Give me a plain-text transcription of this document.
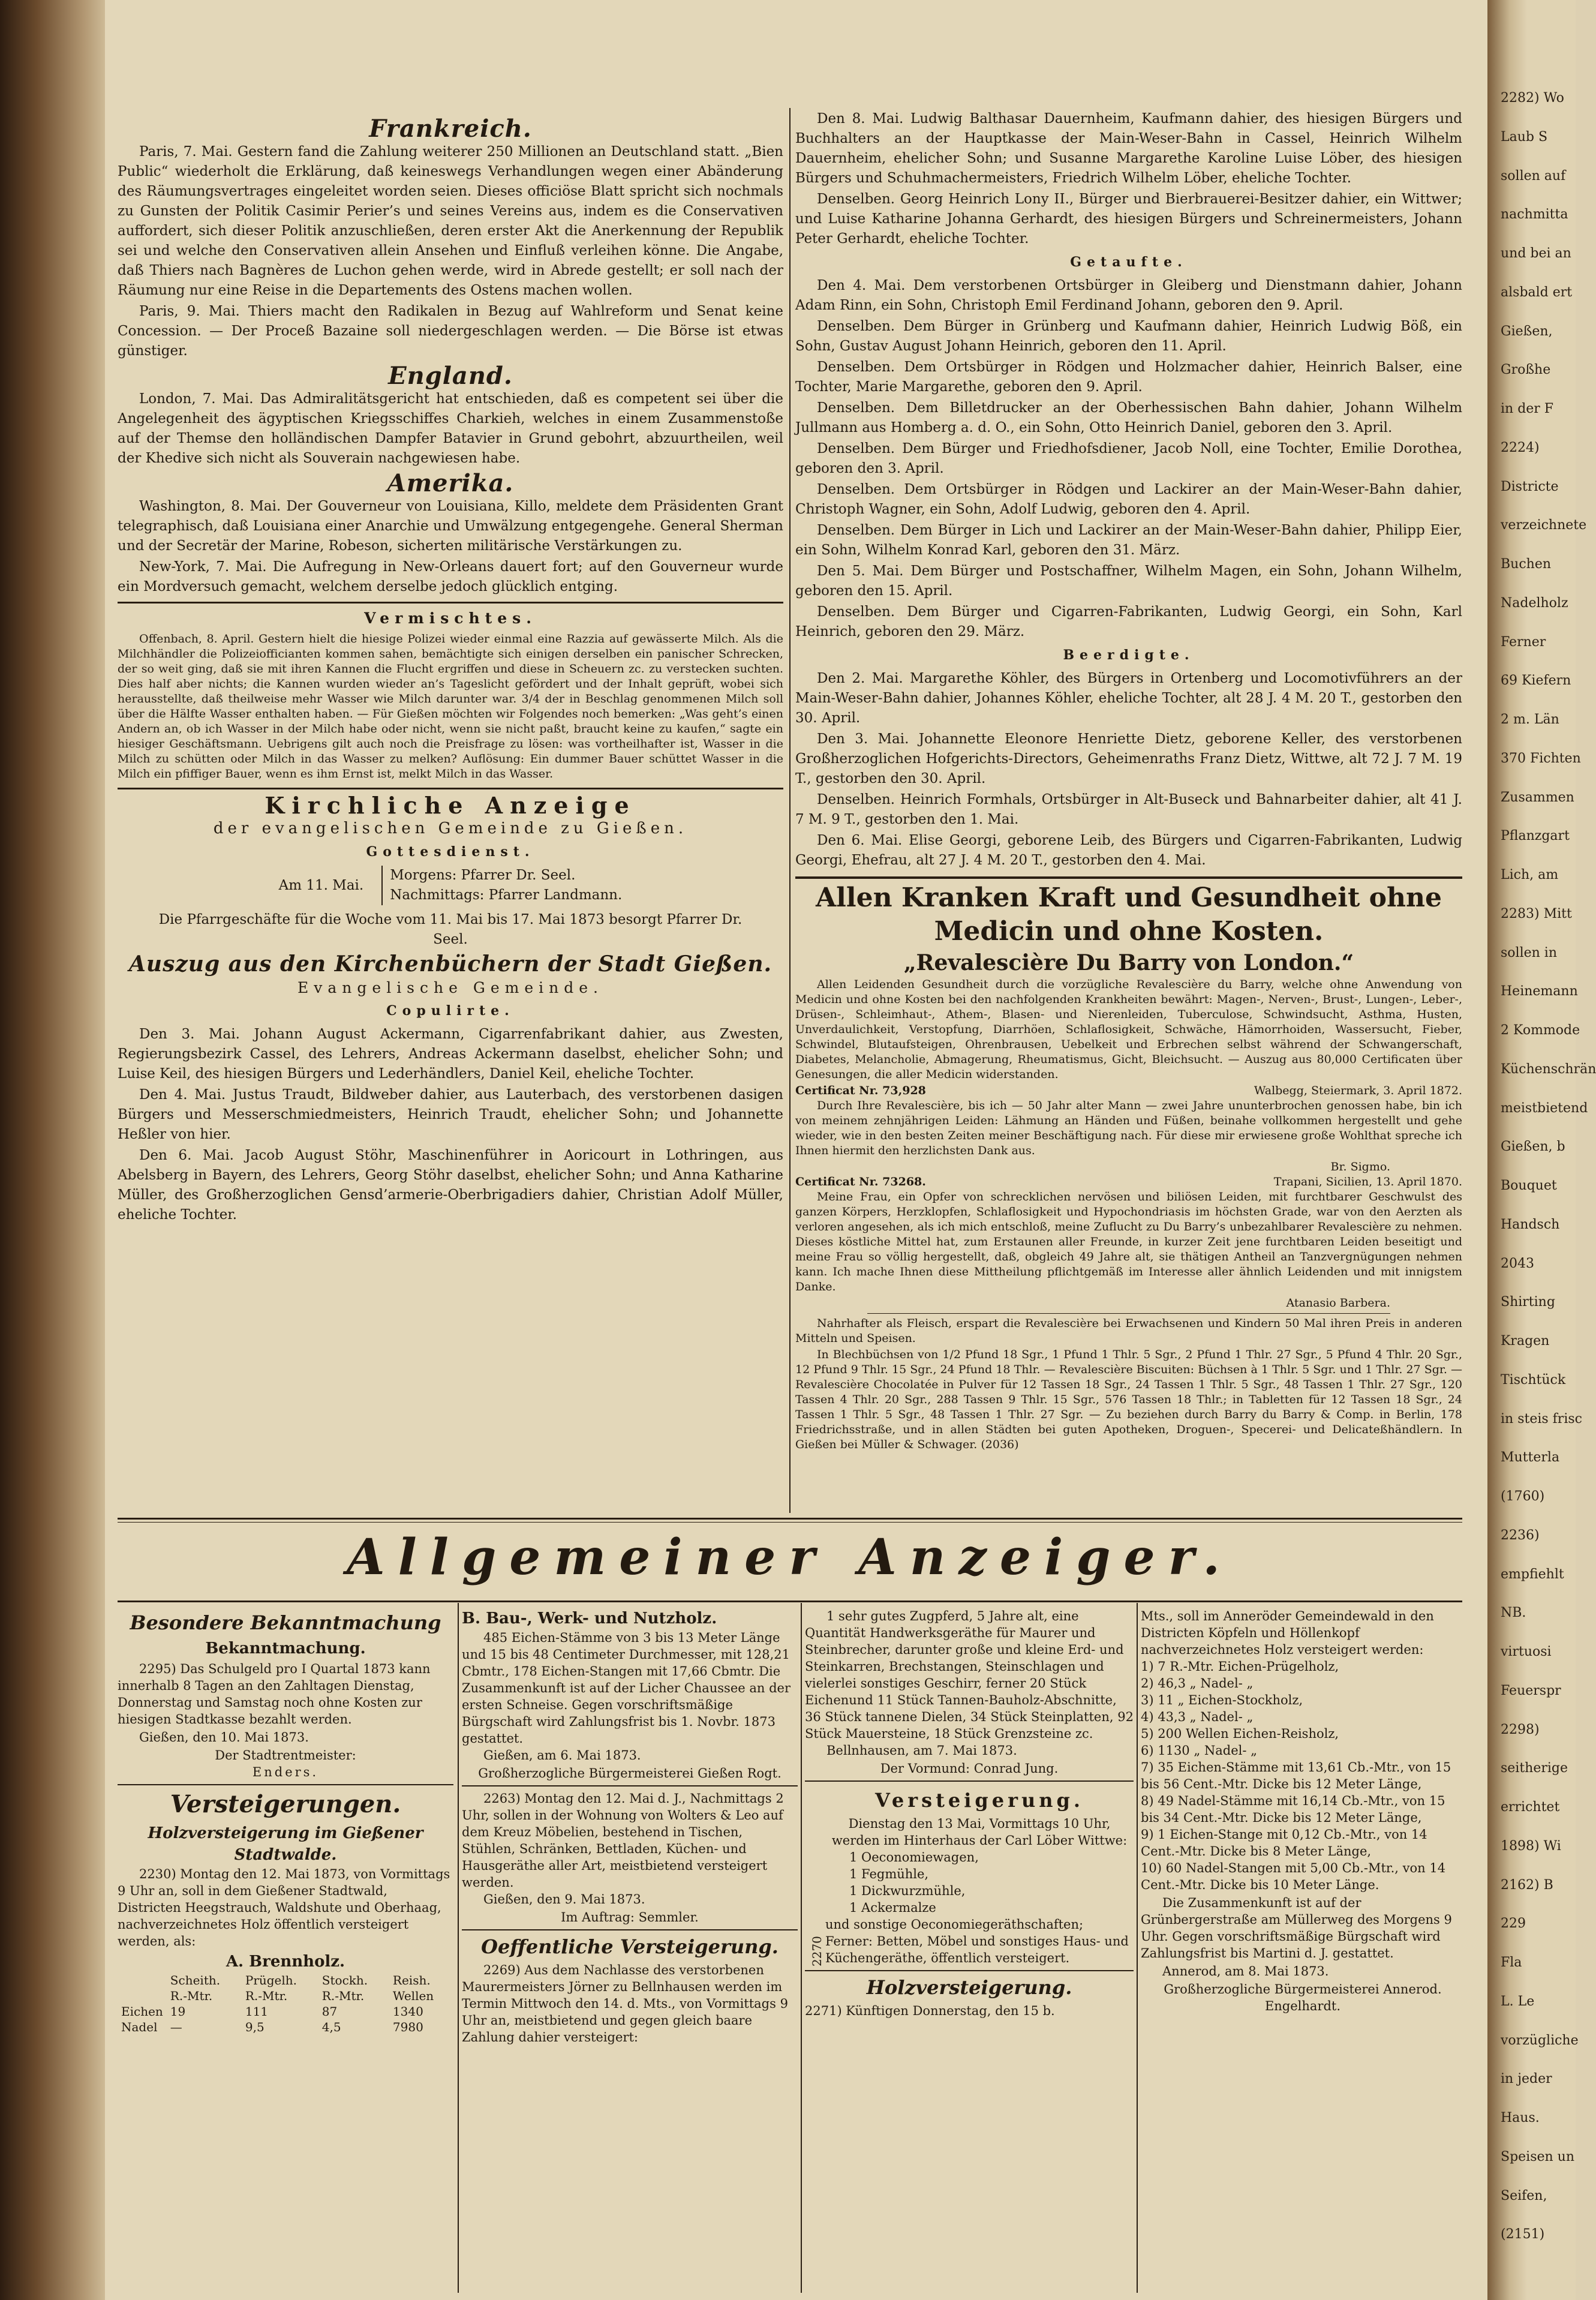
Frankreich.

Paris, 7. Mai. Gestern fand die Zahlung weiterer 250 Millionen an Deutschland statt. „Bien Public“ wiederholt die Erklärung, daß keineswegs Verhandlungen wegen einer Abänderung des Räumungsvertrages eingeleitet worden seien. Dieses officiöse Blatt spricht sich nochmals zu Gunsten der Politik Casimir Perier’s und seines Vereins aus, indem es die Conservativen auffordert, sich dieser Politik anzuschließen, deren erster Akt die Anerkennung der Republik sei und welche den Conservativen allein Ansehen und Einfluß verleihen könne. Die Angabe, daß Thiers nach Bagnères de Luchon gehen werde, wird in Abrede gestellt; er soll nach der Räumung nur eine Reise in die Departements des Ostens machen wollen.

Paris, 9. Mai. Thiers macht den Radikalen in Bezug auf Wahlreform und Senat keine Concession. — Der Proceß Bazaine soll niedergeschlagen werden. — Die Börse ist etwas günstiger.

England.

London, 7. Mai. Das Admiralitätsgericht hat entschieden, daß es competent sei über die Angelegenheit des ägyptischen Kriegsschiffes Charkieh, welches in einem Zusammenstoße auf der Themse den holländischen Dampfer Batavier in Grund gebohrt, abzuurtheilen, weil der Khedive sich nicht als Souverain nachgewiesen habe.

Amerika.

Washington, 8. Mai. Der Gouverneur von Louisiana, Killo, meldete dem Präsidenten Grant telegraphisch, daß Louisiana einer Anarchie und Umwälzung entgegengehe. General Sherman und der Secretär der Marine, Robeson, sicherten militärische Verstärkungen zu.

New-York, 7. Mai. Die Aufregung in New-Orleans dauert fort; auf den Gouverneur wurde ein Mordversuch gemacht, welchem derselbe jedoch glücklich entging.

Vermischtes.

Offenbach, 8. April. Gestern hielt die hiesige Polizei wieder einmal eine Razzia auf gewässerte Milch. Als die Milchhändler die Polizeiofficianten kommen sahen, bemächtigte sich einigen derselben ein panischer Schrecken, der so weit ging, daß sie mit ihren Kannen die Flucht ergriffen und diese in Scheuern zc. zu verstecken suchten. Dies half aber nichts; die Kannen wurden wieder an’s Tageslicht gefördert und der Inhalt geprüft, wobei sich herausstellte, daß theilweise mehr Wasser wie Milch darunter war. 3/4 der in Beschlag genommenen Milch soll über die Hälfte Wasser enthalten haben. — Für Gießen möchten wir Folgendes noch bemerken: „Was geht’s einen Andern an, ob ich Wasser in der Milch habe oder nicht, wenn sie nicht paßt, braucht keine zu kaufen,“ sagte ein hiesiger Geschäftsmann. Uebrigens gilt auch noch die Preisfrage zu lösen: was vortheilhafter ist, Wasser in die Milch zu schütten oder Milch in das Wasser zu melken? Auflösung: Ein dummer Bauer schüttet Wasser in die Milch ein pfiffiger Bauer, wenn es ihm Ernst ist, melkt Milch in das Wasser.

Kirchliche Anzeige
der evangelischen Gemeinde zu Gießen.
Gottesdienst.
Am 11. Mai.
Morgens: Pfarrer Dr. Seel.
Nachmittags: Pfarrer Landmann.

Die Pfarrgeschäfte für die Woche vom 11. Mai bis 17. Mai 1873 besorgt Pfarrer Dr. Seel.

Auszug aus den Kirchenbüchern der Stadt Gießen.
Evangelische Gemeinde.
Copulirte.

Den 3. Mai. Johann August Ackermann, Cigarrenfabrikant dahier, aus Zwesten, Regierungsbezirk Cassel, des Lehrers, Andreas Ackermann daselbst, ehelicher Sohn; und Luise Keil, des hiesigen Bürgers und Lederhändlers, Daniel Keil, eheliche Tochter.

Den 4. Mai. Justus Traudt, Bildweber dahier, aus Lauterbach, des verstorbenen dasigen Bürgers und Messerschmiedmeisters, Heinrich Traudt, ehelicher Sohn; und Johannette Heßler von hier.

Den 6. Mai. Jacob August Stöhr, Maschinenführer in Aoricourt in Lothringen, aus Abelsberg in Bayern, des Lehrers, Georg Stöhr daselbst, ehelicher Sohn; und Anna Katharine Müller, des Großherzoglichen Gensd’armerie-Oberbrigadiers dahier, Christian Adolf Müller, eheliche Tochter.

Den 8. Mai. Ludwig Balthasar Dauernheim, Kaufmann dahier, des hiesigen Bürgers und Buchhalters an der Hauptkasse der Main-Weser-Bahn in Cassel, Heinrich Wilhelm Dauernheim, ehelicher Sohn; und Susanne Margarethe Karoline Luise Löber, des hiesigen Bürgers und Schuhmachermeisters, Friedrich Wilhelm Löber, eheliche Tochter.

Denselben. Georg Heinrich Lony II., Bürger und Bierbrauerei-Besitzer dahier, ein Wittwer; und Luise Katharine Johanna Gerhardt, des hiesigen Bürgers und Schreinermeisters, Johann Peter Gerhardt, eheliche Tochter.

Getaufte.

Den 4. Mai. Dem verstorbenen Ortsbürger in Gleiberg und Dienstmann dahier, Johann Adam Rinn, ein Sohn, Christoph Emil Ferdinand Johann, geboren den 9. April.

Denselben. Dem Bürger in Grünberg und Kaufmann dahier, Heinrich Ludwig Böß, ein Sohn, Gustav August Johann Heinrich, geboren den 11. April.

Denselben. Dem Ortsbürger in Rödgen und Holzmacher dahier, Heinrich Balser, eine Tochter, Marie Margarethe, geboren den 9. April.

Denselben. Dem Billetdrucker an der Oberhessischen Bahn dahier, Johann Wilhelm Jullmann aus Homberg a. d. O., ein Sohn, Otto Heinrich Daniel, geboren den 3. April.

Denselben. Dem Bürger und Friedhofsdiener, Jacob Noll, eine Tochter, Emilie Dorothea, geboren den 3. April.

Denselben. Dem Ortsbürger in Rödgen und Lackirer an der Main-Weser-Bahn dahier, Christoph Wagner, ein Sohn, Adolf Ludwig, geboren den 4. April.

Denselben. Dem Bürger in Lich und Lackirer an der Main-Weser-Bahn dahier, Philipp Eier, ein Sohn, Wilhelm Konrad Karl, geboren den 31. März.

Den 5. Mai. Dem Bürger und Postschaffner, Wilhelm Magen, ein Sohn, Johann Wilhelm, geboren den 15. April.

Denselben. Dem Bürger und Cigarren-Fabrikanten, Ludwig Georgi, ein Sohn, Karl Heinrich, geboren den 29. März.

Beerdigte.

Den 2. Mai. Margarethe Köhler, des Bürgers in Ortenberg und Locomotivführers an der Main-Weser-Bahn dahier, Johannes Köhler, eheliche Tochter, alt 28 J. 4 M. 20 T., gestorben den 30. April.

Den 3. Mai. Johannette Eleonore Henriette Dietz, geborene Keller, des verstorbenen Großherzoglichen Hofgerichts-Directors, Geheimenraths Franz Dietz, Wittwe, alt 72 J. 7 M. 19 T., gestorben den 30. April.

Denselben. Heinrich Formhals, Ortsbürger in Alt-Buseck und Bahnarbeiter dahier, alt 41 J. 7 M. 9 T., gestorben den 1. Mai.

Den 6. Mai. Elise Georgi, geborene Leib, des Bürgers und Cigarren-Fabrikanten, Ludwig Georgi, Ehefrau, alt 27 J. 4 M. 20 T., gestorben den 4. Mai.

Allen Kranken Kraft und Gesundheit ohne
Medicin und ohne Kosten.
„Revalescière Du Barry von London.“

Allen Leidenden Gesundheit durch die vorzügliche Revalescière du Barry, welche ohne Anwendung von Medicin und ohne Kosten bei den nachfolgenden Krankheiten bewährt: Magen-, Nerven-, Brust-, Lungen-, Leber-, Drüsen-, Schleimhaut-, Athem-, Blasen- und Nierenleiden, Tuberculose, Schwindsucht, Asthma, Husten, Unverdaulichkeit, Verstopfung, Diarrhöen, Schlaflosigkeit, Schwäche, Hämorrhoiden, Wassersucht, Fieber, Schwindel, Blutaufsteigen, Ohrenbrausen, Uebelkeit und Erbrechen selbst während der Schwangerschaft, Diabetes, Melancholie, Abmagerung, Rheumatismus, Gicht, Bleichsucht. — Auszug aus 80,000 Certificaten über Genesungen, die aller Medicin widerstanden.

Certificat Nr. 73,928	Walbegg, Steiermark, 3. April 1872.

Durch Ihre Revalescière, bis ich — 50 Jahr alter Mann — zwei Jahre ununterbrochen genossen habe, bin ich von meinem zehnjährigen Leiden: Lähmung an Händen und Füßen, beinahe vollkommen hergestellt und gehe wieder, wie in den besten Zeiten meiner Beschäftigung nach. Für diese mir erwiesene große Wohlthat spreche ich Ihnen hiermit den herzlichsten Dank aus.

Br. Sigmo.
Certificat Nr. 73268.	Trapani, Sicilien, 13. April 1870.

Meine Frau, ein Opfer von schrecklichen nervösen und biliösen Leiden, mit furchtbarer Geschwulst des ganzen Körpers, Herzklopfen, Schlaflosigkeit und Hypochondriasis im höchsten Grade, war von den Aerzten als verloren angesehen, als ich mich entschloß, meine Zuflucht zu Du Barry’s unbezahlbarer Revalescière zu nehmen. Dieses köstliche Mittel hat, zum Erstaunen aller Freunde, in kurzer Zeit jene furchtbaren Leiden beseitigt und meine Frau so völlig hergestellt, daß, obgleich 49 Jahre alt, sie thätigen Antheil an Tanzvergnügungen nehmen kann. Ich mache Ihnen diese Mittheilung pflichtgemäß im Interesse aller ähnlich Leidenden und mit innigstem Danke.

Atanasio Barbera.

Nahrhafter als Fleisch, erspart die Revalescière bei Erwachsenen und Kindern 50 Mal ihren Preis in anderen Mitteln und Speisen.

In Blechbüchsen von 1/2 Pfund 18 Sgr., 1 Pfund 1 Thlr. 5 Sgr., 2 Pfund 1 Thlr. 27 Sgr., 5 Pfund 4 Thlr. 20 Sgr., 12 Pfund 9 Thlr. 15 Sgr., 24 Pfund 18 Thlr. — Revalescière Biscuiten: Büchsen à 1 Thlr. 5 Sgr. und 1 Thlr. 27 Sgr. — Revalescière Chocolatée in Pulver für 12 Tassen 18 Sgr., 24 Tassen 1 Thlr. 5 Sgr., 48 Tassen 1 Thlr. 27 Sgr., 120 Tassen 4 Thlr. 20 Sgr., 288 Tassen 9 Thlr. 15 Sgr., 576 Tassen 18 Thlr.; in Tabletten für 12 Tassen 18 Sgr., 24 Tassen 1 Thlr. 5 Sgr., 48 Tassen 1 Thlr. 27 Sgr. — Zu beziehen durch Barry du Barry & Comp. in Berlin, 178 Friedrichsstraße, und in allen Städten bei guten Apotheken, Droguen-, Specerei- und Delicateßhändlern. In Gießen bei Müller & Schwager. (2036)

Allgemeiner Anzeiger.
Besondere Bekanntmachung
Bekanntmachung.

2295) Das Schulgeld pro I Quartal 1873 kann innerhalb 8 Tagen an den Zahltagen Dienstag, Donnerstag und Samstag noch ohne Kosten zur hiesigen Stadtkasse bezahlt werden.

Gießen, den 10. Mai 1873.
Der Stadtrentmeister:
Enders.
Versteigerungen.
Holzversteigerung im Gießener Stadtwalde.

2230) Montag den 12. Mai 1873, von Vormittags 9 Uhr an, soll in dem Gießener Stadtwald, Districten Heegstrauch, Waldshute und Oberhaag, nachverzeichnetes Holz öffentlich versteigert werden, als:

A. Brennholz.
	Scheith. R.-Mtr.	Prügelh. R.-Mtr.	Stockh. R.-Mtr.	Reish. Wellen
Eichen	19	111	87	1340
Nadel	—	9,5	4,5	7980
B. Bau-, Werk- und Nutzholz.

485 Eichen-Stämme von 3 bis 13 Meter Länge und 15 bis 48 Centimeter Durchmesser, mit 128,21 Cbmtr., 178 Eichen-Stangen mit 17,66 Cbmtr. Die Zusammenkunft ist auf der Licher Chaussee an der ersten Schneise. Gegen vorschriftsmäßige Bürgschaft wird Zahlungsfrist bis 1. Novbr. 1873 gestattet.

Gießen, am 6. Mai 1873.
Großherzogliche Bürgermeisterei Gießen Rogt.

2263) Montag den 12. Mai d. J., Nachmittags 2 Uhr, sollen in der Wohnung von Wolters & Leo auf dem Kreuz Möbelien, bestehend in Tischen, Stühlen, Schränken, Bettladen, Küchen- und Hausgeräthe aller Art, meistbietend versteigert werden.

Gießen, den 9. Mai 1873.
Im Auftrag: Semmler.
Oeffentliche Versteigerung.

2269) Aus dem Nachlasse des verstorbenen Maurermeisters Jörner zu Bellnhausen werden im Termin Mittwoch den 14. d. Mts., von Vormittags 9 Uhr an, meistbietend und gegen gleich baare Zahlung dahier versteigert:

1 sehr gutes Zugpferd, 5 Jahre alt, eine Quantität Handwerksgeräthe für Maurer und Steinbrecher, darunter große und kleine Erd- und Steinkarren, Brechstangen, Steinschlagen und vielerlei sonstiges Geschirr, ferner 20 Stück Eichenund 11 Stück Tannen-Bauholz-Abschnitte, 36 Stück tannene Dielen, 34 Stück Steinplatten, 92 Stück Mauersteine, 18 Stück Grenzsteine zc.

Bellnhausen, am 7. Mai 1873.
Der Vormund: Conrad Jung.
2270
Versteigerung.
Dienstag den 13 Mai, Vormittags 10 Uhr, werden im Hinterhaus der Carl Löber Wittwe:
1 Oeconomiewagen,
1 Fegmühle,
1 Dickwurzmühle,
1 Ackermalze
und sonstige Oeconomiegeräthschaften;
Ferner: Betten, Möbel und sonstiges Haus- und Küchengeräthe, öffentlich versteigert.
Holzversteigerung.
2271) Künftigen Donnerstag, den 15 b.

Mts., soll im Anneröder Gemeindewald in den Districten Köpfeln und Höllenkopf nachverzeichnetes Holz versteigert werden:

1) 7 R.-Mtr. Eichen-Prügelholz,
2) 46,3 „ Nadel- „
3) 11 „ Eichen-Stockholz,
4) 43,3 „ Nadel- „
5) 200 Wellen Eichen-Reisholz,
6) 1130 „ Nadel- „
7) 35 Eichen-Stämme mit 13,61 Cb.-Mtr., von 15 bis 56 Cent.-Mtr. Dicke bis 12 Meter Länge,
8) 49 Nadel-Stämme mit 16,14 Cb.-Mtr., von 15 bis 34 Cent.-Mtr. Dicke bis 12 Meter Länge,
9) 1 Eichen-Stange mit 0,12 Cb.-Mtr., von 14 Cent.-Mtr. Dicke bis 8 Meter Länge,
10) 60 Nadel-Stangen mit 5,00 Cb.-Mtr., von 14 Cent.-Mtr. Dicke bis 10 Meter Länge.

Die Zusammenkunft ist auf der Grünbergerstraße am Müllerweg des Morgens 9 Uhr. Gegen vorschriftsmäßige Bürgschaft wird Zahlungsfrist bis Martini d. J. gestattet.

Annerod, am 8. Mai 1873.
Großherzogliche Bürgermeisterei Annerod. Engelhardt.
2282) Wo
Laub S
sollen auf
nachmitta
und bei an
alsbald ert
Gießen,
Großhe
in der F
2224)
Districte
verzeichnete
Buchen
Nadelholz
Ferner
69 Kiefern
2 m. Län
370 Fichten
Zusammen
Pflanzgart
Lich, am
2283) Mitt
sollen in
Heinemann
2 Kommode
Küchenschrän
meistbietend
Gießen, b
Bouquet
Handsch
2043
Shirting
Kragen
Tischtück
in steis frisc
Mutterla
(1760)
2236)
empfiehlt
NB.
virtuosi
Feuerspr
2298)
seitherige
errichtet
1898) Wi
2162) B
229
Fla
L. Le
vorzügliche
in jeder
Haus.
Speisen un
Seifen,
(2151)
